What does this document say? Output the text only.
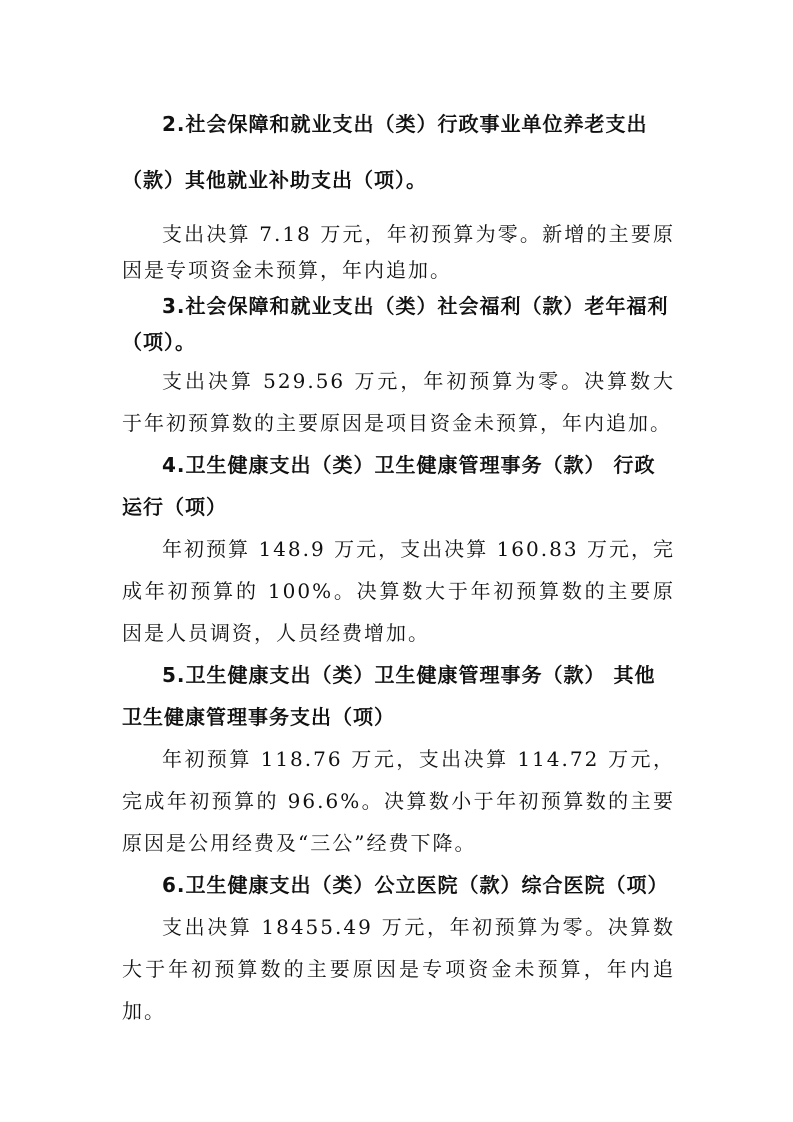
2.社会保障和就业支出（类）行政事业单位养老支出（款）其他就业补助支出（项）。

支出决算 7.18 万元，年初预算为零。新增的主要原因是专项资金未预算，年内追加。

3.社会保障和就业支出（类）社会福利（款）老年福利（项）。

支出决算 529.56 万元，年初预算为零。决算数大于年初预算数的主要原因是项目资金未预算，年内追加。

4.卫生健康支出（类）卫生健康管理事务（款） 行政运行（项）

年初预算 148.9 万元，支出决算 160.83 万元，完成年初预算的 100%。决算数大于年初预算数的主要原因是人员调资，人员经费增加。

5.卫生健康支出（类）卫生健康管理事务（款） 其他卫生健康管理事务支出（项）

年初预算 118.76 万元，支出决算 114.72 万元，完成年初预算的 96.6%。决算数小于年初预算数的主要原因是公用经费及“三公”经费下降。

6.卫生健康支出（类）公立医院（款）综合医院（项）

支出决算 18455.49 万元，年初预算为零。决算数大于年初预算数的主要原因是专项资金未预算，年内追加。
